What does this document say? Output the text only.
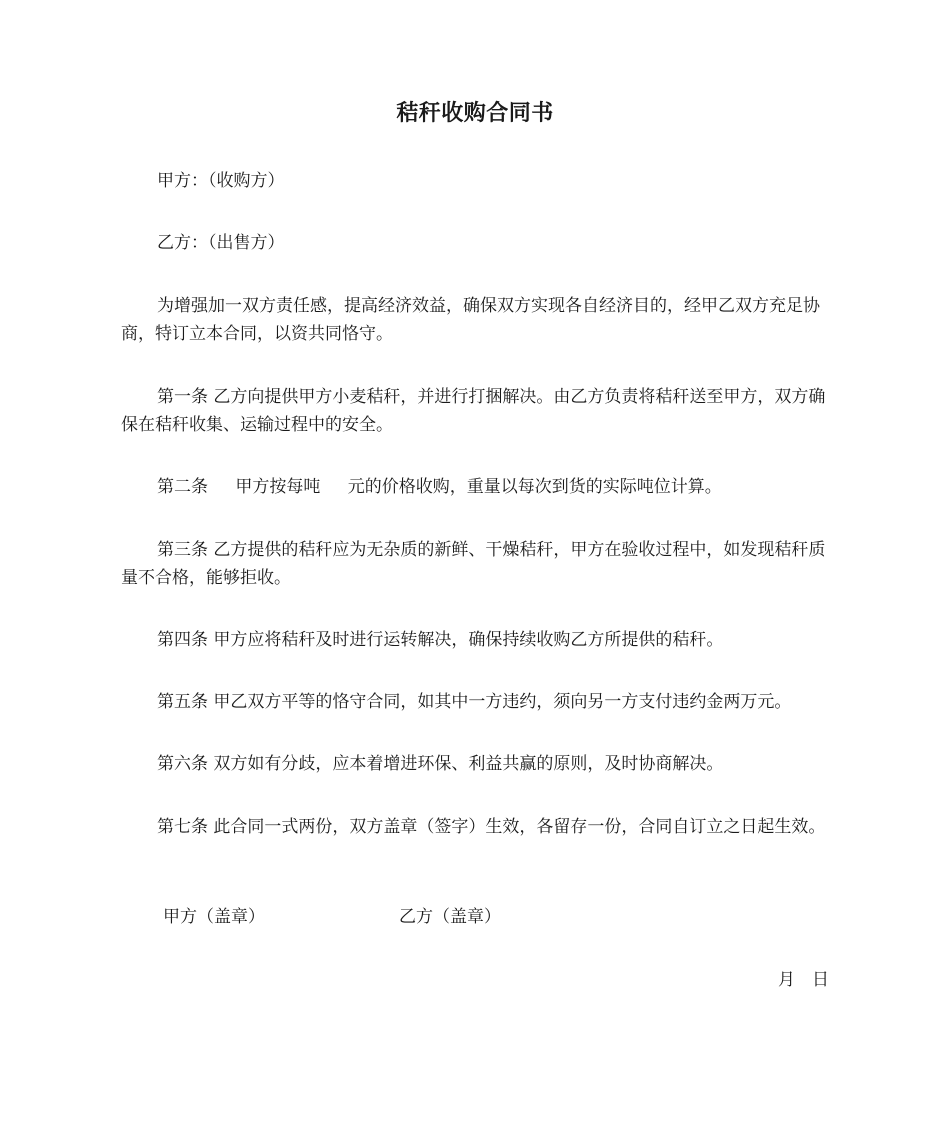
秸秆收购合同书

甲方：（收购方）

乙方：（出售方）

为增强加一双方责任感，提高经济效益，确保双方实现各自经济目的，经甲乙双方充足协商，特订立本合同，以资共同恪守。

第一条 乙方向提供甲方小麦秸秆，并进行打捆解决。由乙方负责将秸秆送至甲方，双方确保在秸秆收集、运输过程中的安全。

第二条 甲方按每吨 元的价格收购，重量以每次到货的实际吨位计算。

第三条 乙方提供的秸秆应为无杂质的新鲜、干燥秸秆，甲方在验收过程中，如发现秸秆质量不合格，能够拒收。

第四条 甲方应将秸秆及时进行运转解决，确保持续收购乙方所提供的秸秆。

第五条 甲乙双方平等的恪守合同，如其中一方违约，须向另一方支付违约金两万元。

第六条 双方如有分歧，应本着增进环保、利益共赢的原则，及时协商解决。

第七条 此合同一式两份，双方盖章（签字）生效，各留存一份，合同自订立之日起生效。

甲方（盖章）	乙方（盖章）
月　日
